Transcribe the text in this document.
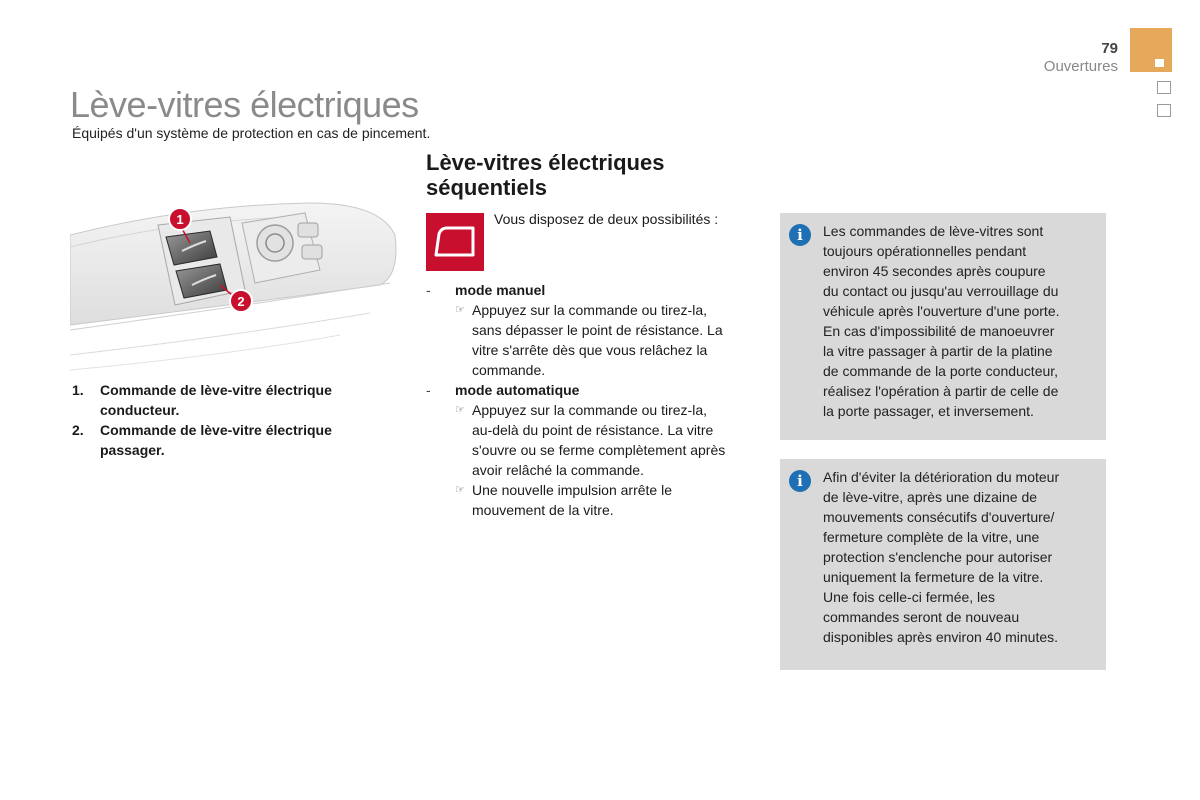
79
Ouvertures
Lève-vitres électriques
Équipés d'un système de protection en cas de pincement.
1
2
1. Commande de lève-vitre électrique conducteur.
2. Commande de lève-vitre électrique passager.
Lève-vitres électriques
séquentiels
Vous disposez de deux possibilités :
- mode manuel
☞ Appuyez sur la commande ou tirez-la,
sans dépasser le point de résistance. La
vitre s'arrête dès que vous relâchez la
commande.
- mode automatique
☞ Appuyez sur la commande ou tirez-la,
au-delà du point de résistance. La vitre
s'ouvre ou se ferme complètement après
avoir relâché la commande.
☞ Une nouvelle impulsion arrête le
mouvement de la vitre.
i	Les commandes de lève-vitres sont
toujours opérationnelles pendant
environ 45 secondes après coupure
du contact ou jusqu'au verrouillage du
véhicule après l'ouverture d'une porte.
En cas d'impossibilité de manoeuvrer
la vitre passager à partir de la platine
de commande de la porte conducteur,
réalisez l'opération à partir de celle de
la porte passager, et inversement.
i	Afin d'éviter la détérioration du moteur
de lève-vitre, après une dizaine de
mouvements consécutifs d'ouverture/
fermeture complète de la vitre, une
protection s'enclenche pour autoriser
uniquement la fermeture de la vitre.
Une fois celle-ci fermée, les
commandes seront de nouveau
disponibles après environ 40 minutes.
